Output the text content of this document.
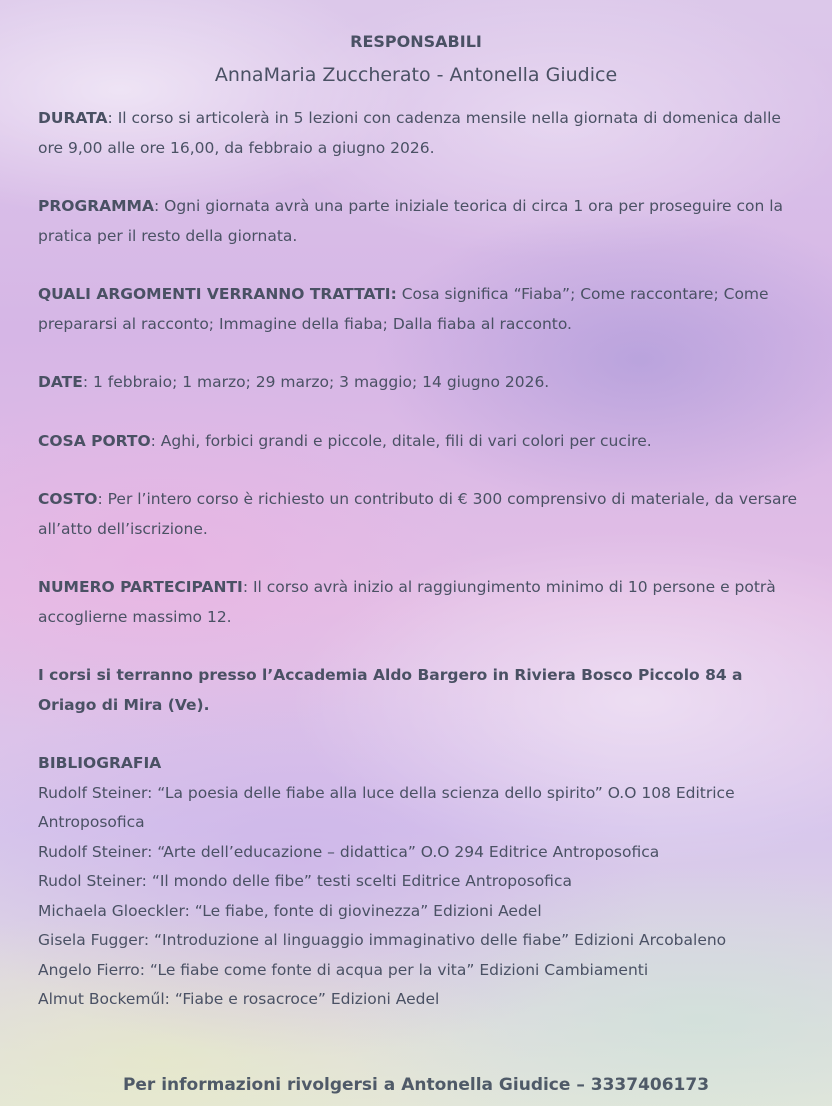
RESPONSABILI
AnnaMaria Zuccherato - Antonella Giudice

DURATA: Il corso si articolerà in 5 lezioni con cadenza mensile nella giornata di domenica dalle ore 9,00 alle ore 16,00, da febbraio a giugno 2026.

PROGRAMMA: Ogni giornata avrà una parte iniziale teorica di circa 1 ora per proseguire con la pratica per il resto della giornata.

QUALI ARGOMENTI VERRANNO TRATTATI: Cosa significa “Fiaba”; Come raccontare; Come prepararsi al racconto; Immagine della fiaba; Dalla fiaba al racconto.

DATE: 1 febbraio; 1 marzo; 29 marzo; 3 maggio; 14 giugno 2026.

COSA PORTO: Aghi, forbici grandi e piccole, ditale, fili di vari colori per cucire.

COSTO: Per l’intero corso è richiesto un contributo di € 300 comprensivo di materiale, da versare all’atto dell’iscrizione.

NUMERO PARTECIPANTI: Il corso avrà inizio al raggiungimento minimo di 10 persone e potrà accoglierne massimo 12.

I corsi si terranno presso l’Accademia Aldo Bargero in Riviera Bosco Piccolo 84 a Oriago di Mira (Ve).

BIBLIOGRAFIA

Rudolf Steiner: “La poesia delle fiabe alla luce della scienza dello spirito” O.O 108 Editrice Antroposofica

Rudolf Steiner: “Arte dell’educazione – didattica” O.O 294 Editrice Antroposofica

Rudol Steiner: “Il mondo delle fibe” testi scelti Editrice Antroposofica

Michaela Gloeckler: “Le fiabe, fonte di giovinezza” Edizioni Aedel

Gisela Fugger: “Introduzione al linguaggio immaginativo delle fiabe” Edizioni Arcobaleno

Angelo Fierro: “Le fiabe come fonte di acqua per la vita” Edizioni Cambiamenti

Almut Bockeműl: “Fiabe e rosacroce” Edizioni Aedel

Per informazioni rivolgersi a Antonella Giudice – 3337406173
